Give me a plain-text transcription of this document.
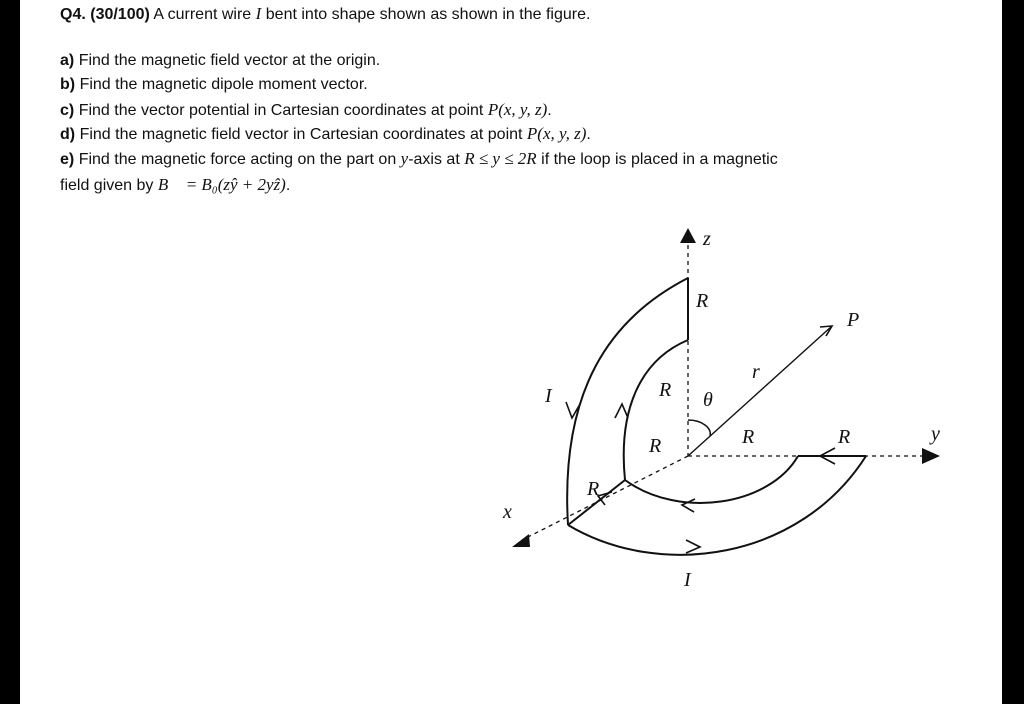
Q4. (30/100) A current wire I bent into shape shown as shown in the figure.
a) Find the magnetic field vector at the origin.
b) Find the magnetic dipole moment vector.
c) Find the vector potential in Cartesian coordinates at point P(x, y, z).
d) Find the magnetic field vector in Cartesian coordinates at point P(x, y, z).
e) Find the magnetic force acting on the part on y-axis at R ≤ y ≤ 2R if the loop is placed in a magnetic
field given by B⃗ = B₀(zŷ + 2yẑ).
z
y
x
P
r⃗
θ
I
I
R
R
R
R
R	R
